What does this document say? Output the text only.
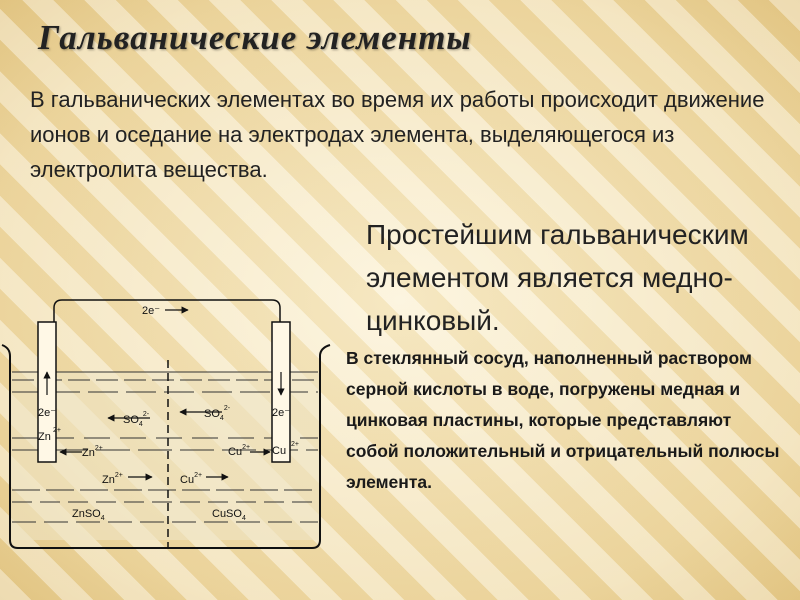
Гальванические элементы
В гальванических элементах во время их работы происходит движение ионов и оседание на электродах элемента, выделяющегося из электролита вещества.
Простейшим гальваническим элементом является медно-цинковый.
В стеклянный сосуд, наполненный раствором серной кислоты в воде, погружены медная и цинковая пластины, которые представляют собой положительный и отрицательный полюсы элемента.
2e⁻
2e⁻
Zn
2+
2e⁻
Cu
2+
$SO_4^{2-}$	$SO_4^{2-}$
$Zn^{2+}$
$Zn^{2+}$
$Cu^{2+}$
$Cu^{2+}$
ZnSO$_4$	CuSO$_4$
